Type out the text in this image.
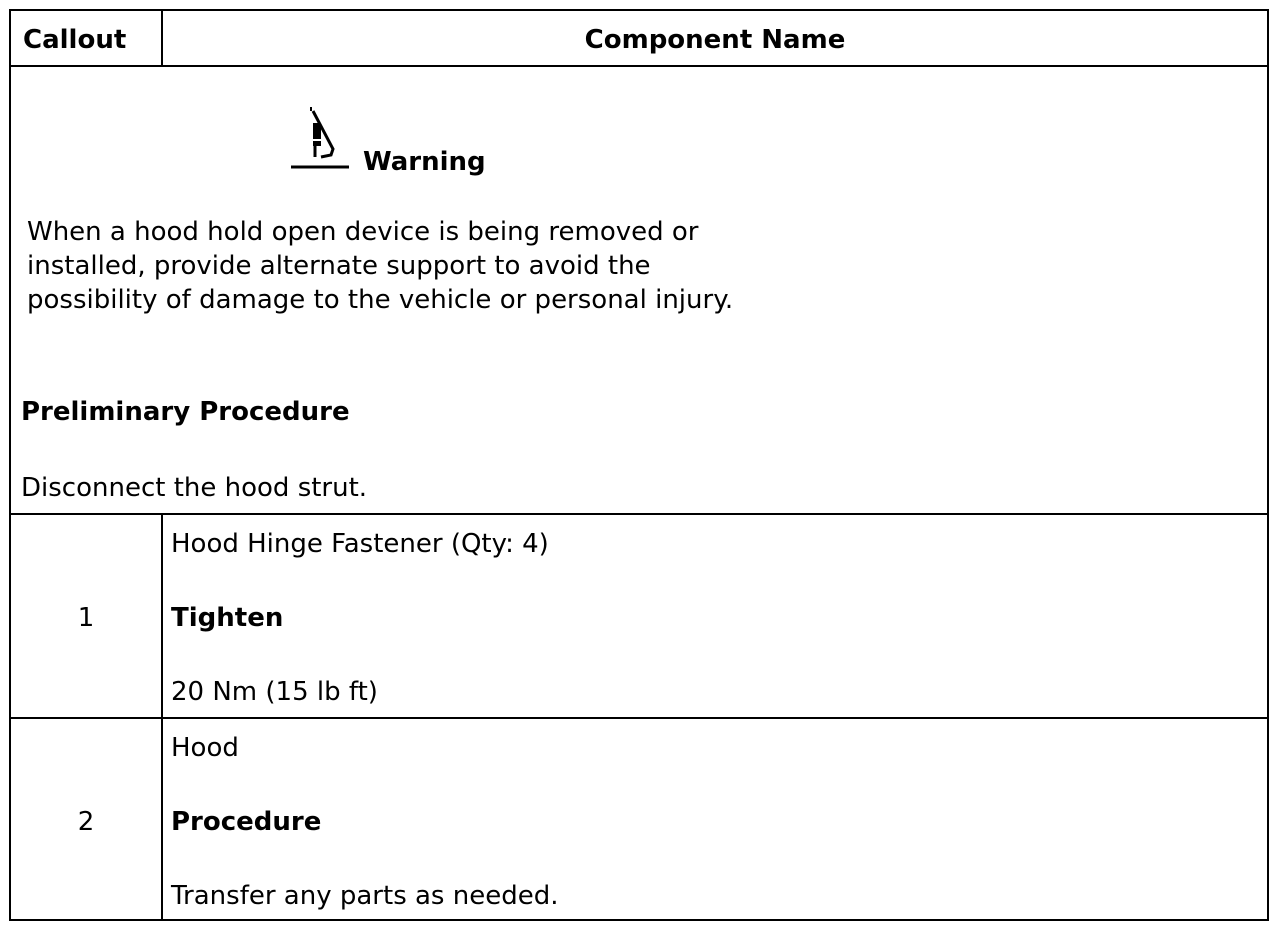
Callout	Component Name
Warning
When a hood hold open device is being removed or installed, provide alternate support to avoid the possibility of damage to the vehicle or personal injury.
Preliminary Procedure
Disconnect the hood strut.
1
Hood Hinge Fastener (Qty: 4)
Tighten
20 Nm (15 lb ft)
2
Hood
Procedure
Transfer any parts as needed.
